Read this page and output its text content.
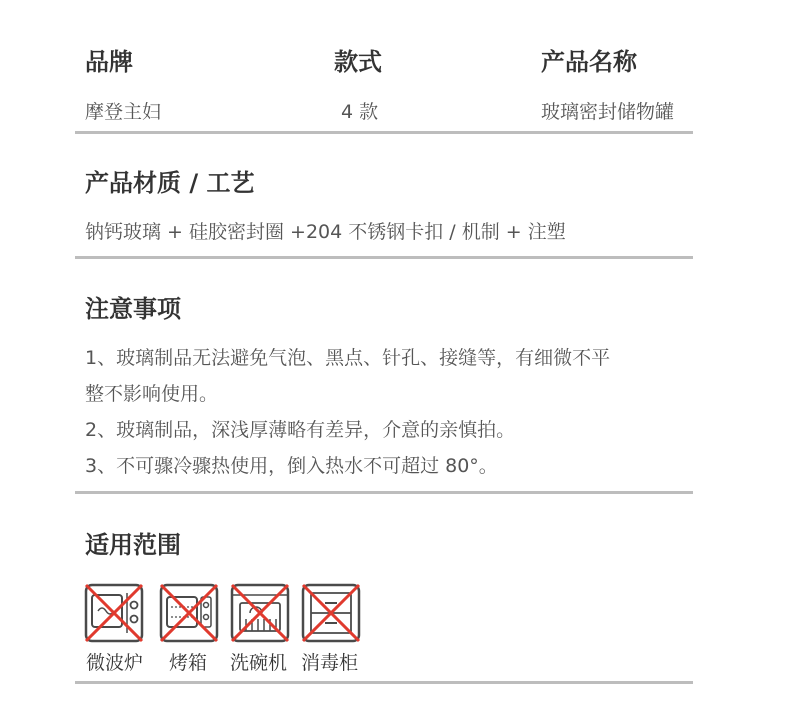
品牌
摩登主妇
款式
4 款
产品名称
玻璃密封储物罐
产品材质 / 工艺
钠钙玻璃 + 硅胶密封圈 +204 不锈钢卡扣 / 机制 + 注塑
注意事项
1、玻璃制品无法避免气泡、黑点、针孔、接缝等，有细微不平
整不影响使用。
2、玻璃制品，深浅厚薄略有差异，介意的亲慎拍。
3、不可骤冷骤热使用，倒入热水不可超过 80°。
适用范围
微波炉 烤箱 洗碗机 消毒柜
